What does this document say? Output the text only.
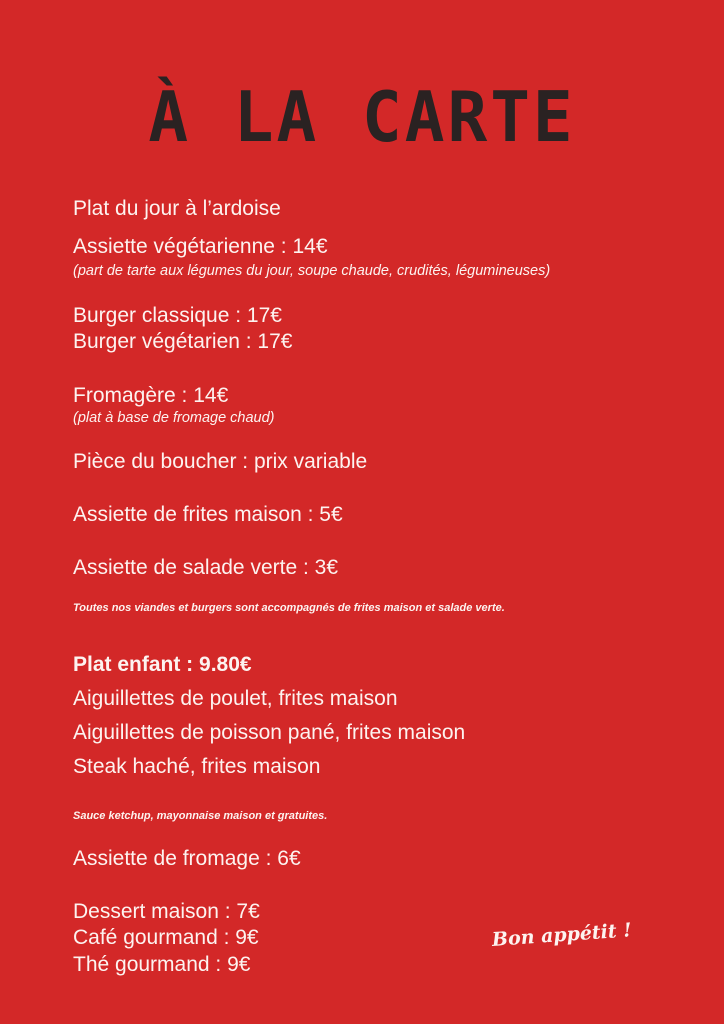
À LA CARTE
Plat du jour à l’ardoise
Assiette végétarienne : 14€
(part de tarte aux légumes du jour, soupe chaude, crudités, légumineuses)
Burger classique : 17€
Burger végétarien : 17€
Fromagère : 14€
(plat à base de fromage chaud)
Pièce du boucher : prix variable
Assiette de frites maison : 5€
Assiette de salade verte : 3€
Toutes nos viandes et burgers sont accompagnés de frites maison et salade verte.
Plat enfant : 9.80€
Aiguillettes de poulet, frites maison
Aiguillettes de poisson pané, frites maison
Steak haché, frites maison
Sauce ketchup, mayonnaise maison et gratuites.
Assiette de fromage : 6€
Dessert maison : 7€
Café gourmand : 9€
Thé gourmand : 9€
Bon appétit !
